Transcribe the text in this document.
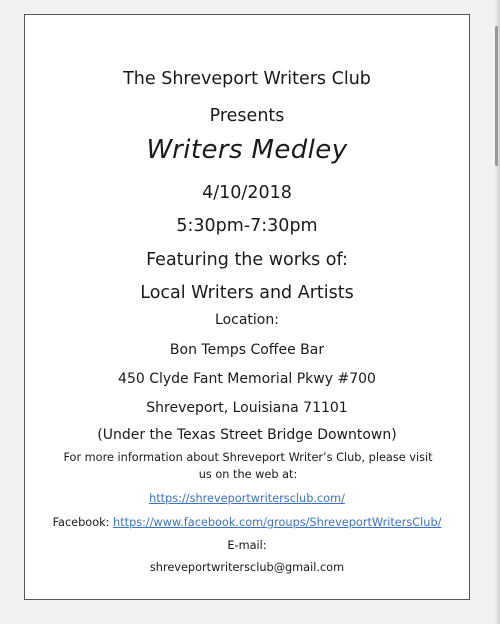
The Shreveport Writers Club

Presents

Writers Medley

4/10/2018

5:30pm-7:30pm

Featuring the works of:

Local Writers and Artists

Location:

Bon Temps Coffee Bar

450 Clyde Fant Memorial Pkwy #700

Shreveport, Louisiana 71101

(Under the Texas Street Bridge Downtown)

For more information about Shreveport Writer’s Club, please visit us on the web at:

https://shreveportwritersclub.com/

Facebook: https://www.facebook.com/groups/ShreveportWritersClub/

E-mail:

shreveportwritersclub@gmail.com
